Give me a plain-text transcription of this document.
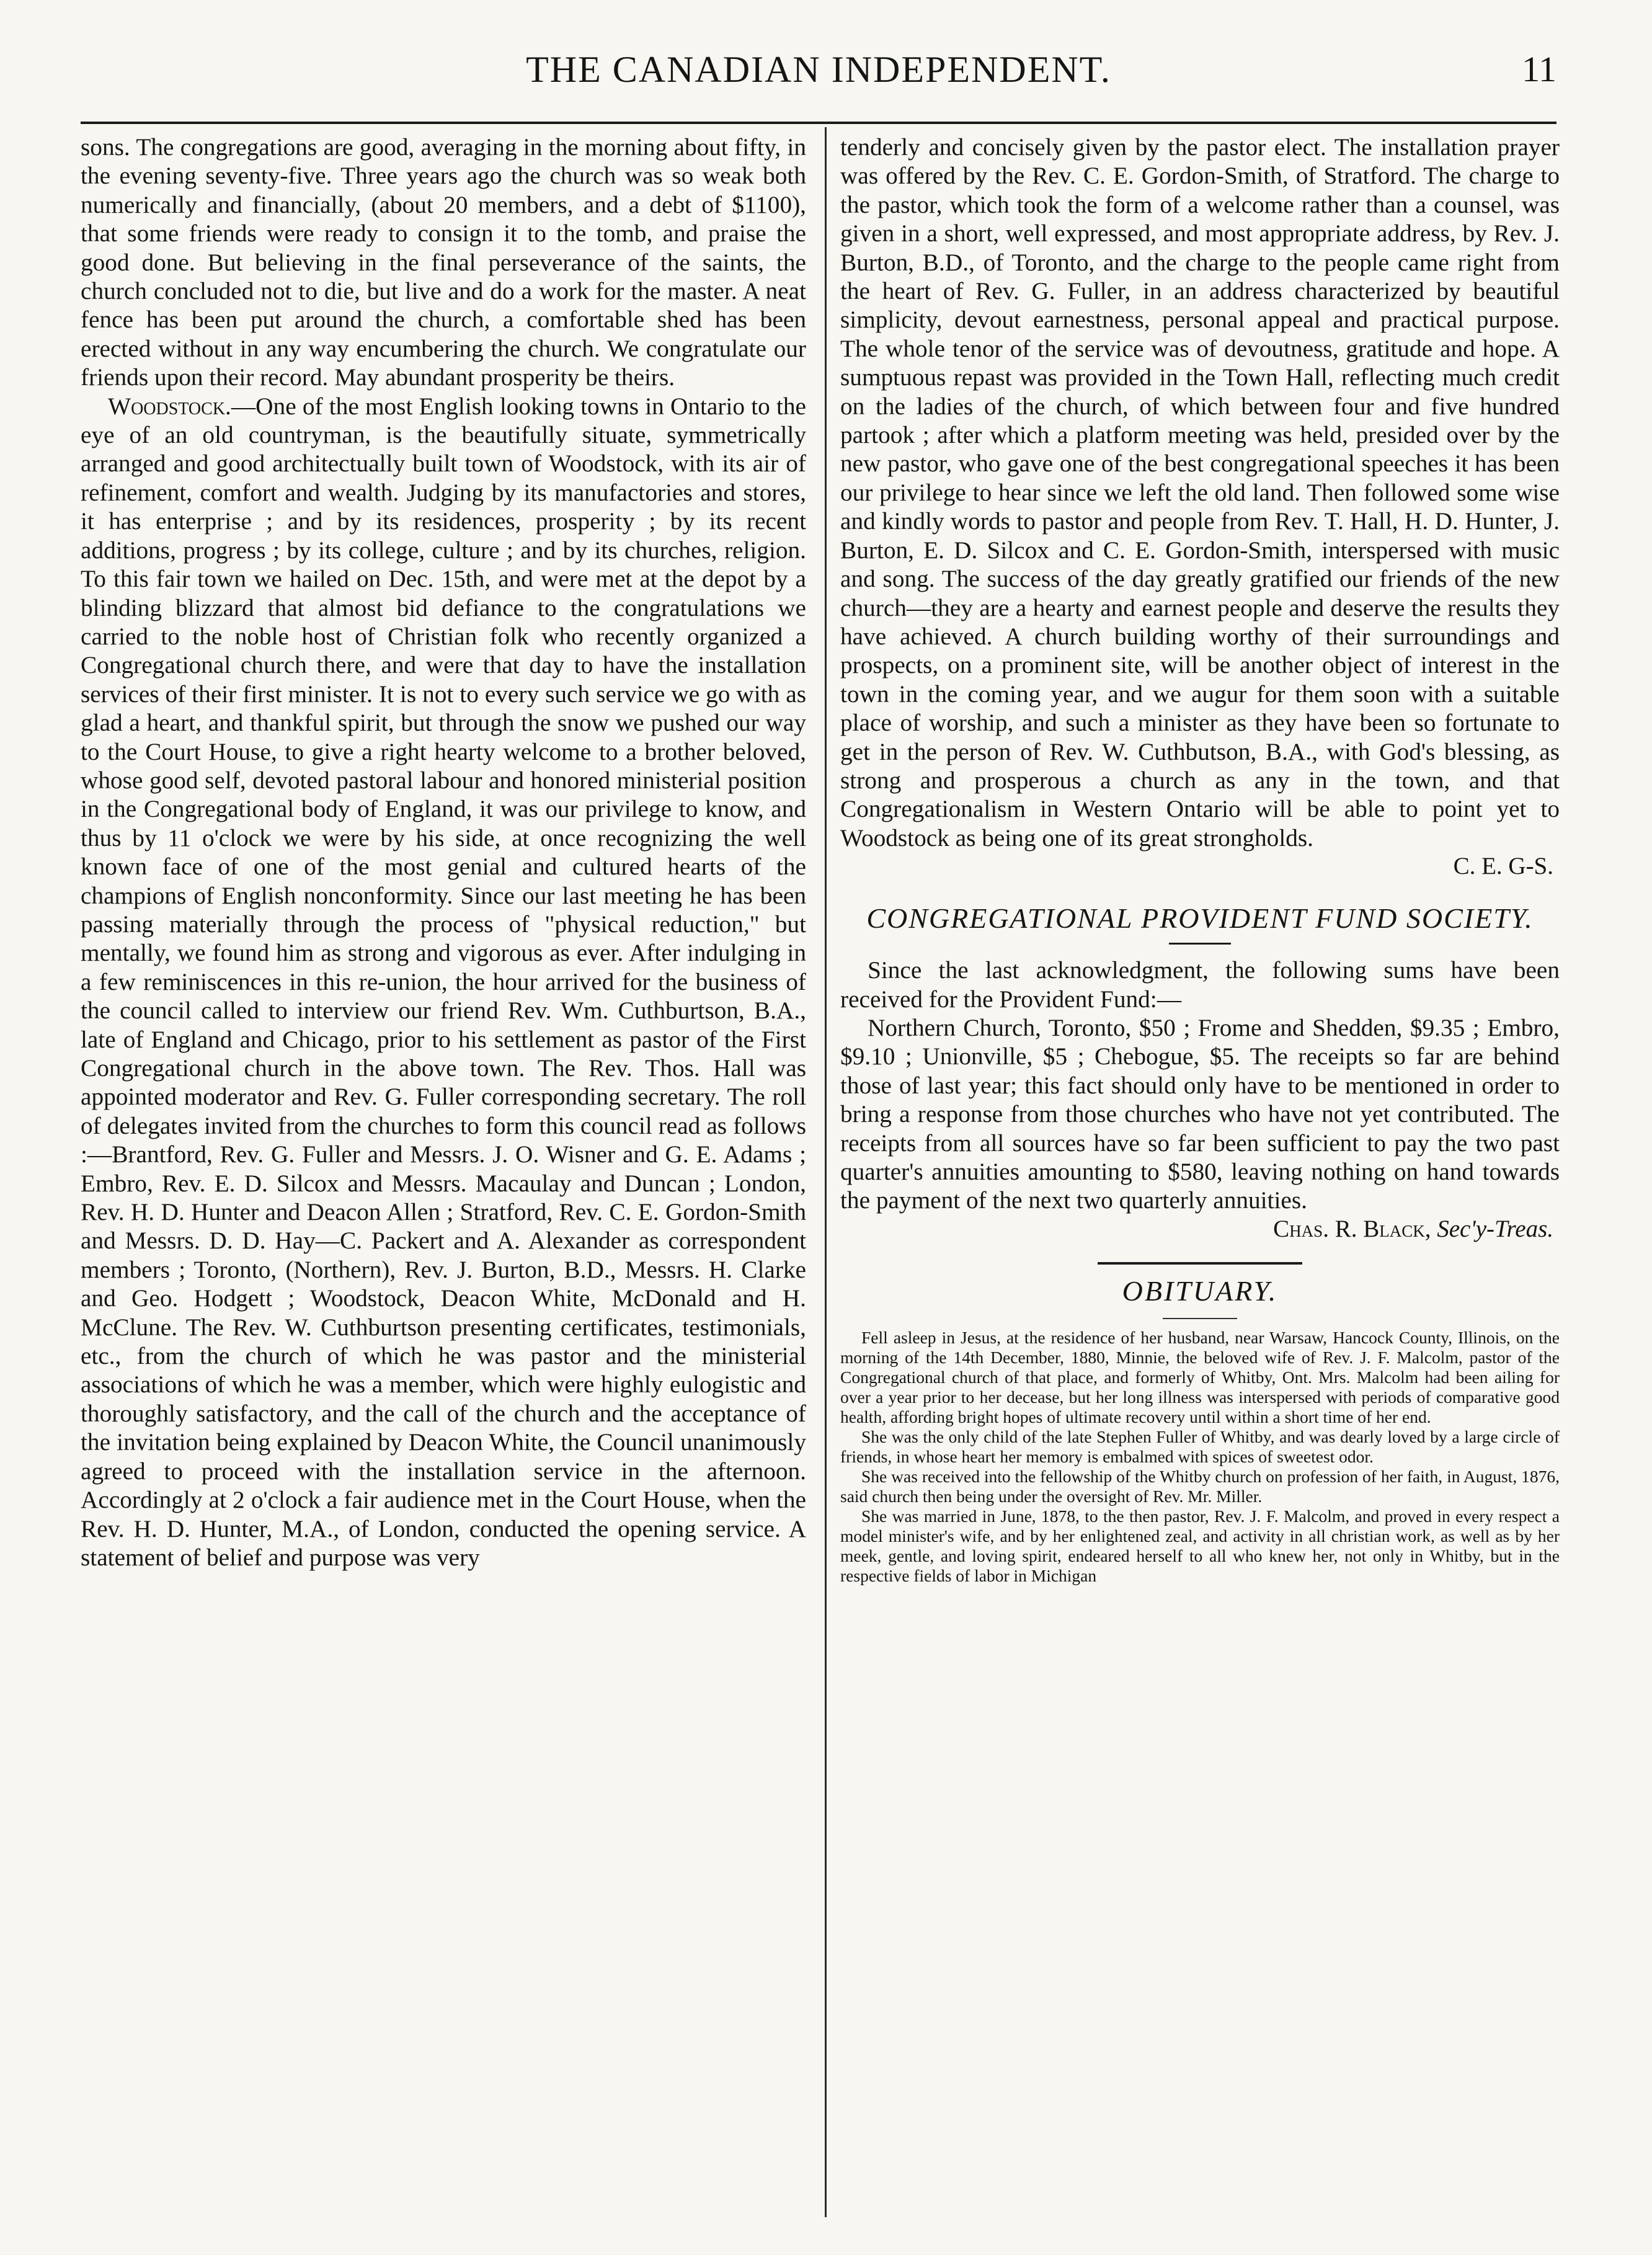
THE CANADIAN INDEPENDENT.	11

sons. The congregations are good, averaging in the morning about fifty, in the evening seventy-five. Three years ago the church was so weak both numerically and financially, (about 20 members, and a debt of $1100), that some friends were ready to consign it to the tomb, and praise the good done. But believing in the final perseverance of the saints, the church concluded not to die, but live and do a work for the master. A neat fence has been put around the church, a comfortable shed has been erected without in any way encumbering the church. We congratulate our friends upon their record. May abundant prosperity be theirs.

Woodstock.—One of the most English looking towns in Ontario to the eye of an old countryman, is the beautifully situate, symmetrically arranged and good architectually built town of Woodstock, with its air of refinement, comfort and wealth. Judging by its manufactories and stores, it has enterprise ; and by its residences, prosperity ; by its recent additions, progress ; by its college, culture ; and by its churches, religion. To this fair town we hailed on Dec. 15th, and were met at the depot by a blinding blizzard that almost bid defiance to the congratulations we carried to the noble host of Christian folk who recently organized a Congregational church there, and were that day to have the installation services of their first minister. It is not to every such service we go with as glad a heart, and thankful spirit, but through the snow we pushed our way to the Court House, to give a right hearty welcome to a brother beloved, whose good self, devoted pastoral labour and honored ministerial position in the Congregational body of England, it was our privilege to know, and thus by 11 o'clock we were by his side, at once recognizing the well known face of one of the most genial and cultured hearts of the champions of English nonconformity. Since our last meeting he has been passing materially through the process of "physical reduction," but mentally, we found him as strong and vigorous as ever. After indulging in a few reminiscences in this re-union, the hour arrived for the business of the council called to interview our friend Rev. Wm. Cuthburtson, B.A., late of England and Chicago, prior to his settlement as pastor of the First Congregational church in the above town. The Rev. Thos. Hall was appointed moderator and Rev. G. Fuller corresponding secretary. The roll of delegates invited from the churches to form this council read as follows :—Brantford, Rev. G. Fuller and Messrs. J. O. Wisner and G. E. Adams ; Embro, Rev. E. D. Silcox and Messrs. Macaulay and Duncan ; London, Rev. H. D. Hunter and Deacon Allen ; Stratford, Rev. C. E. Gordon-Smith and Messrs. D. D. Hay—C. Packert and A. Alexander as correspondent members ; Toronto, (Northern), Rev. J. Burton, B.D., Messrs. H. Clarke and Geo. Hodgett ; Woodstock, Deacon White, McDonald and H. McClune. The Rev. W. Cuthburtson presenting certificates, testimonials, etc., from the church of which he was pastor and the ministerial associations of which he was a member, which were highly eulogistic and thoroughly satisfactory, and the call of the church and the acceptance of the invitation being explained by Deacon White, the Council unanimously agreed to proceed with the installation service in the afternoon. Accordingly at 2 o'clock a fair audience met in the Court House, when the Rev. H. D. Hunter, M.A., of London, conducted the opening service. A statement of belief and purpose was very

tenderly and concisely given by the pastor elect. The installation prayer was offered by the Rev. C. E. Gordon-Smith, of Stratford. The charge to the pastor, which took the form of a welcome rather than a counsel, was given in a short, well expressed, and most appropriate address, by Rev. J. Burton, B.D., of Toronto, and the charge to the people came right from the heart of Rev. G. Fuller, in an address characterized by beautiful simplicity, devout earnestness, personal appeal and practical purpose. The whole tenor of the service was of devoutness, gratitude and hope. A sumptuous repast was provided in the Town Hall, reflecting much credit on the ladies of the church, of which between four and five hundred partook ; after which a platform meeting was held, presided over by the new pastor, who gave one of the best congregational speeches it has been our privilege to hear since we left the old land. Then followed some wise and kindly words to pastor and people from Rev. T. Hall, H. D. Hunter, J. Burton, E. D. Silcox and C. E. Gordon-Smith, interspersed with music and song. The success of the day greatly gratified our friends of the new church—they are a hearty and earnest people and deserve the results they have achieved. A church building worthy of their surroundings and prospects, on a prominent site, will be another object of interest in the town in the coming year, and we augur for them soon with a suitable place of worship, and such a minister as they have been so fortunate to get in the person of Rev. W. Cuthbutson, B.A., with God's blessing, as strong and prosperous a church as any in the town, and that Congregationalism in Western Ontario will be able to point yet to Woodstock as being one of its great strongholds.

C. E. G-S.

CONGREGATIONAL PROVIDENT FUND SOCIETY.

Since the last acknowledgment, the following sums have been received for the Provident Fund:—

Northern Church, Toronto, $50 ; Frome and Shedden, $9.35 ; Embro, $9.10 ; Unionville, $5 ; Chebogue, $5. The receipts so far are behind those of last year; this fact should only have to be mentioned in order to bring a response from those churches who have not yet contributed. The receipts from all sources have so far been sufficient to pay the two past quarter's annuities amounting to $580, leaving nothing on hand towards the payment of the next two quarterly annuities.

Chas. R. Black, Sec'y-Treas.

OBITUARY.

Fell asleep in Jesus, at the residence of her husband, near Warsaw, Hancock County, Illinois, on the morning of the 14th December, 1880, Minnie, the beloved wife of Rev. J. F. Malcolm, pastor of the Congregational church of that place, and formerly of Whitby, Ont. Mrs. Malcolm had been ailing for over a year prior to her decease, but her long illness was interspersed with periods of comparative good health, affording bright hopes of ultimate recovery until within a short time of her end.

She was the only child of the late Stephen Fuller of Whitby, and was dearly loved by a large circle of friends, in whose heart her memory is embalmed with spices of sweetest odor.

She was received into the fellowship of the Whitby church on profession of her faith, in August, 1876, said church then being under the oversight of Rev. Mr. Miller.

She was married in June, 1878, to the then pastor, Rev. J. F. Malcolm, and proved in every respect a model minister's wife, and by her enlightened zeal, and activity in all christian work, as well as by her meek, gentle, and loving spirit, endeared herself to all who knew her, not only in Whitby, but in the respective fields of labor in Michigan
